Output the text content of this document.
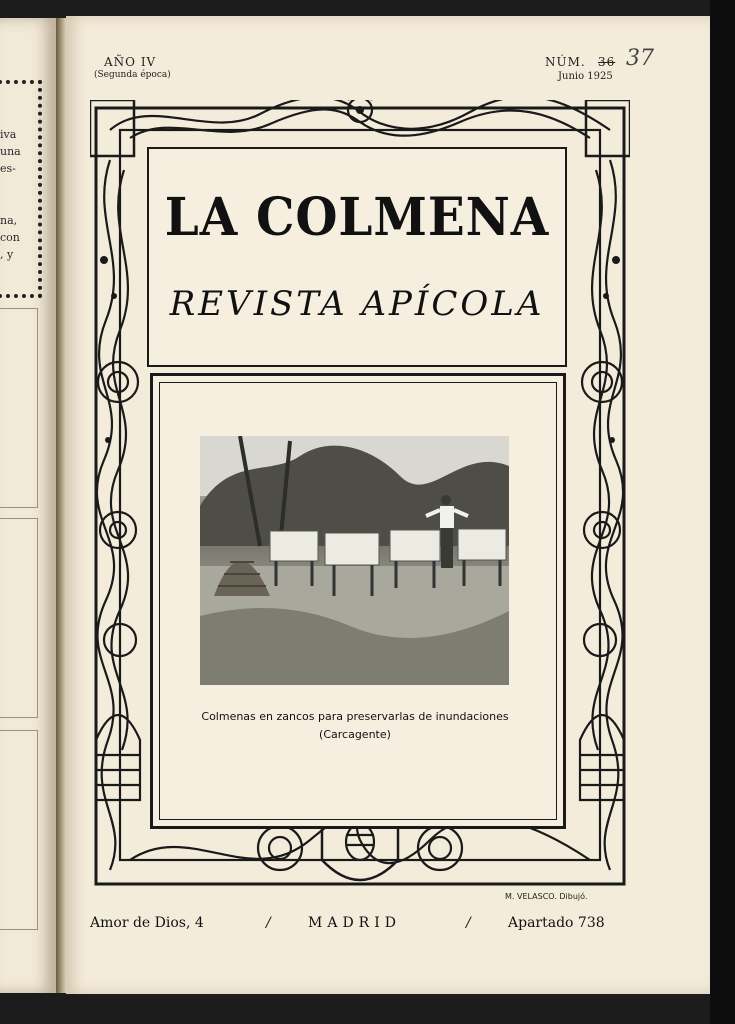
iva
una
es-
na,
con
, y
AÑO IV
(Segunda época)
NÚM. 36 37
Junio 1925
LA COLMENA
REVISTA APÍCOLA
Colmenas en zancos para preservarlas de inundaciones
(Carcagente)
M. VELASCO. Dibujó.
Amor de Dios, 4	/	MADRID	/	Apartado 738
